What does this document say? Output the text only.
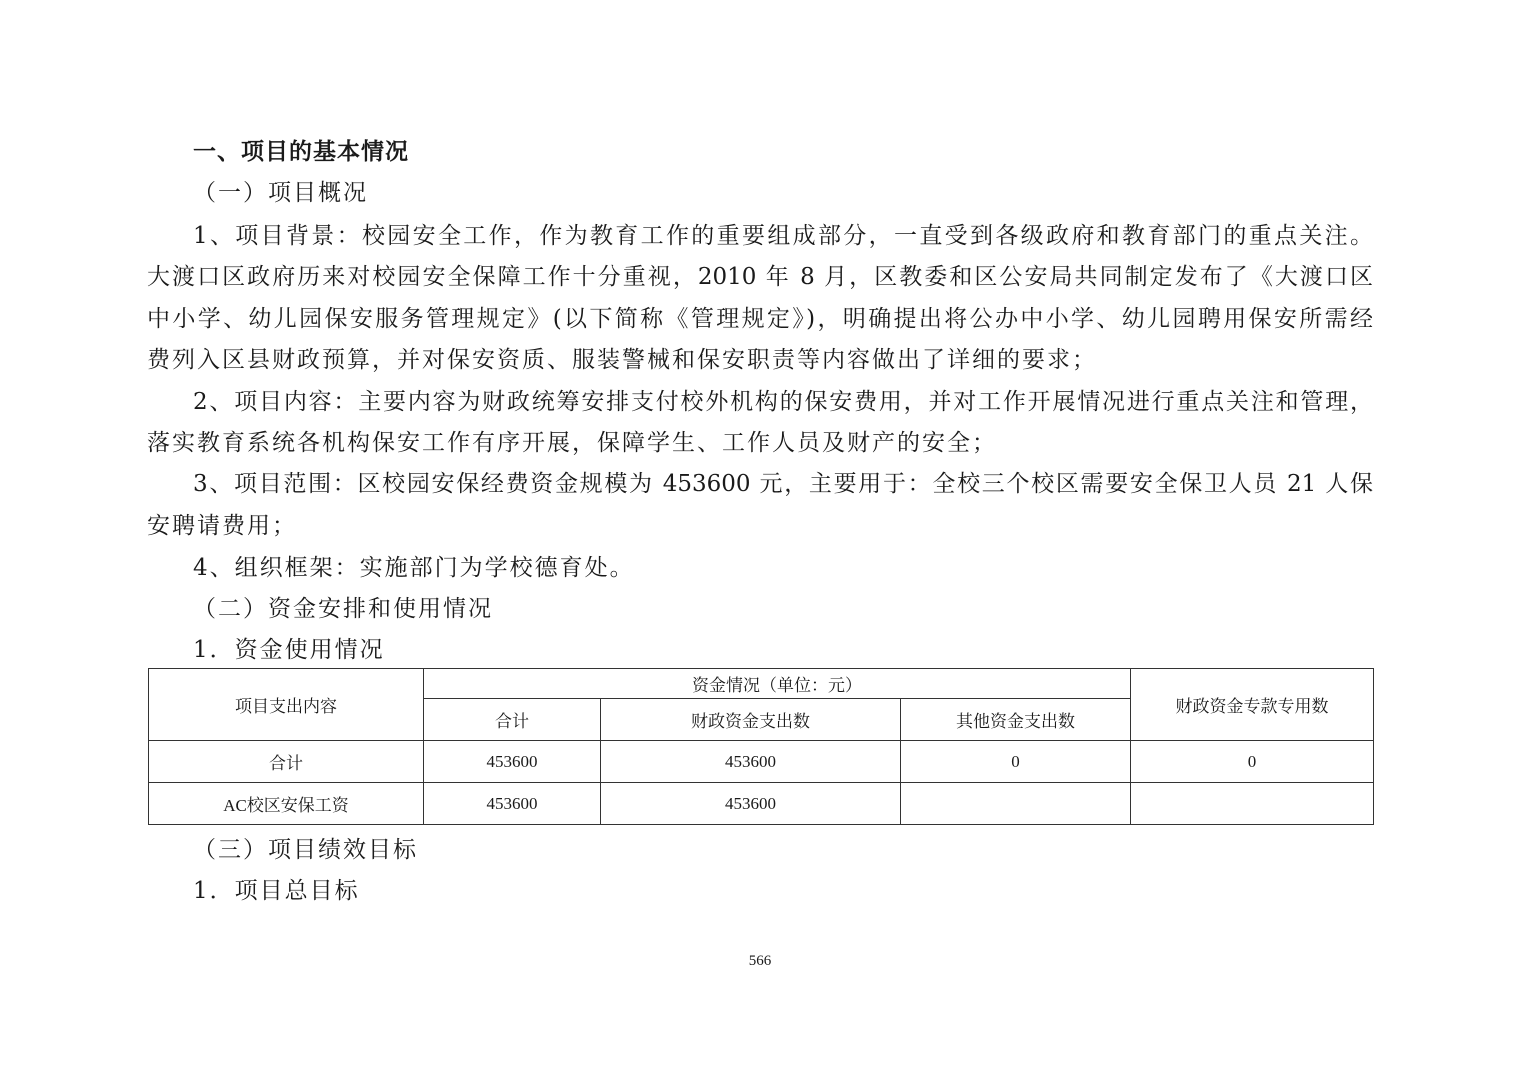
一、项目的基本情况

（一）项目概况

1、项目背景：校园安全工作，作为教育工作的重要组成部分，一直受到各级政府和教育部门的重点关注。

大渡口区政府历来对校园安全保障工作十分重视，2010 年 8 月，区教委和区公安局共同制定发布了《大渡口区

中小学、幼儿园保安服务管理规定》(以下简称《管理规定》)，明确提出将公办中小学、幼儿园聘用保安所需经

费列入区县财政预算，并对保安资质、服装警械和保安职责等内容做出了详细的要求；

2、项目内容：主要内容为财政统筹安排支付校外机构的保安费用，并对工作开展情况进行重点关注和管理，

落实教育系统各机构保安工作有序开展，保障学生、工作人员及财产的安全；

3、项目范围：区校园安保经费资金规模为 453600 元，主要用于：全校三个校区需要安全保卫人员 21 人保

安聘请费用；

4、组织框架：实施部门为学校德育处。

（二）资金安排和使用情况

1．资金使用情况

项目支出内容	资金情况（单位：元）			财政资金专款专用数
	合计	财政资金支出数	其他资金支出数	
合计	453600	453600	0	0
AC校区安保工资	453600	453600		

（三）项目绩效目标

1．项目总目标

566
